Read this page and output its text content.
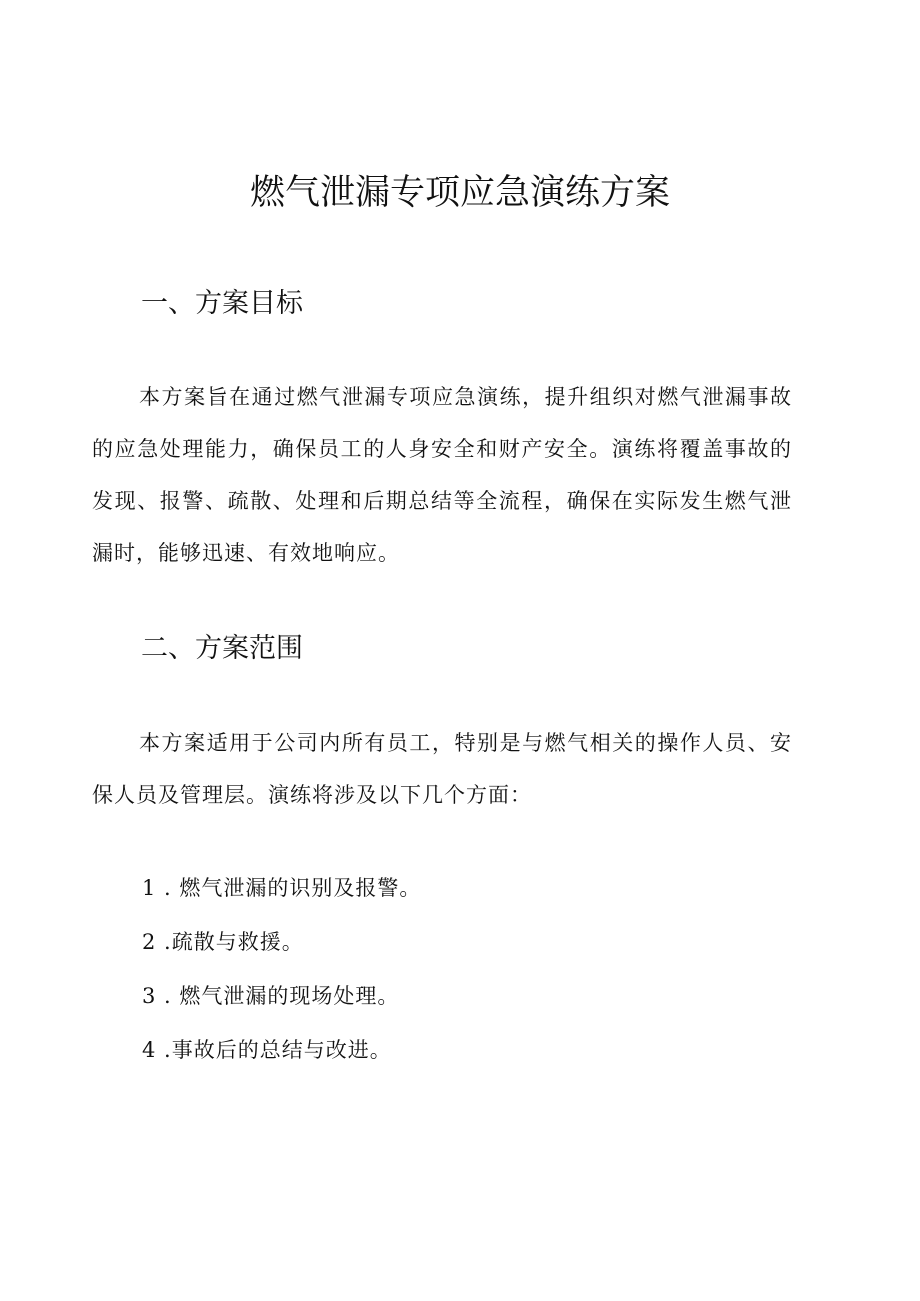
燃气泄漏专项应急演练方案
一、方案目标

本方案旨在通过燃气泄漏专项应急演练，提升组织对燃气泄漏事故的应急处理能力，确保员工的人身安全和财产安全。演练将覆盖事故的发现、报警、疏散、处理和后期总结等全流程，确保在实际发生燃气泄漏时，能够迅速、有效地响应。

二、方案范围

本方案适用于公司内所有员工，特别是与燃气相关的操作人员、安保人员及管理层。演练将涉及以下几个方面：

1 . 燃气泄漏的识别及报警。
2 .疏散与救援。
3 . 燃气泄漏的现场处理。
4 .事故后的总结与改进。
